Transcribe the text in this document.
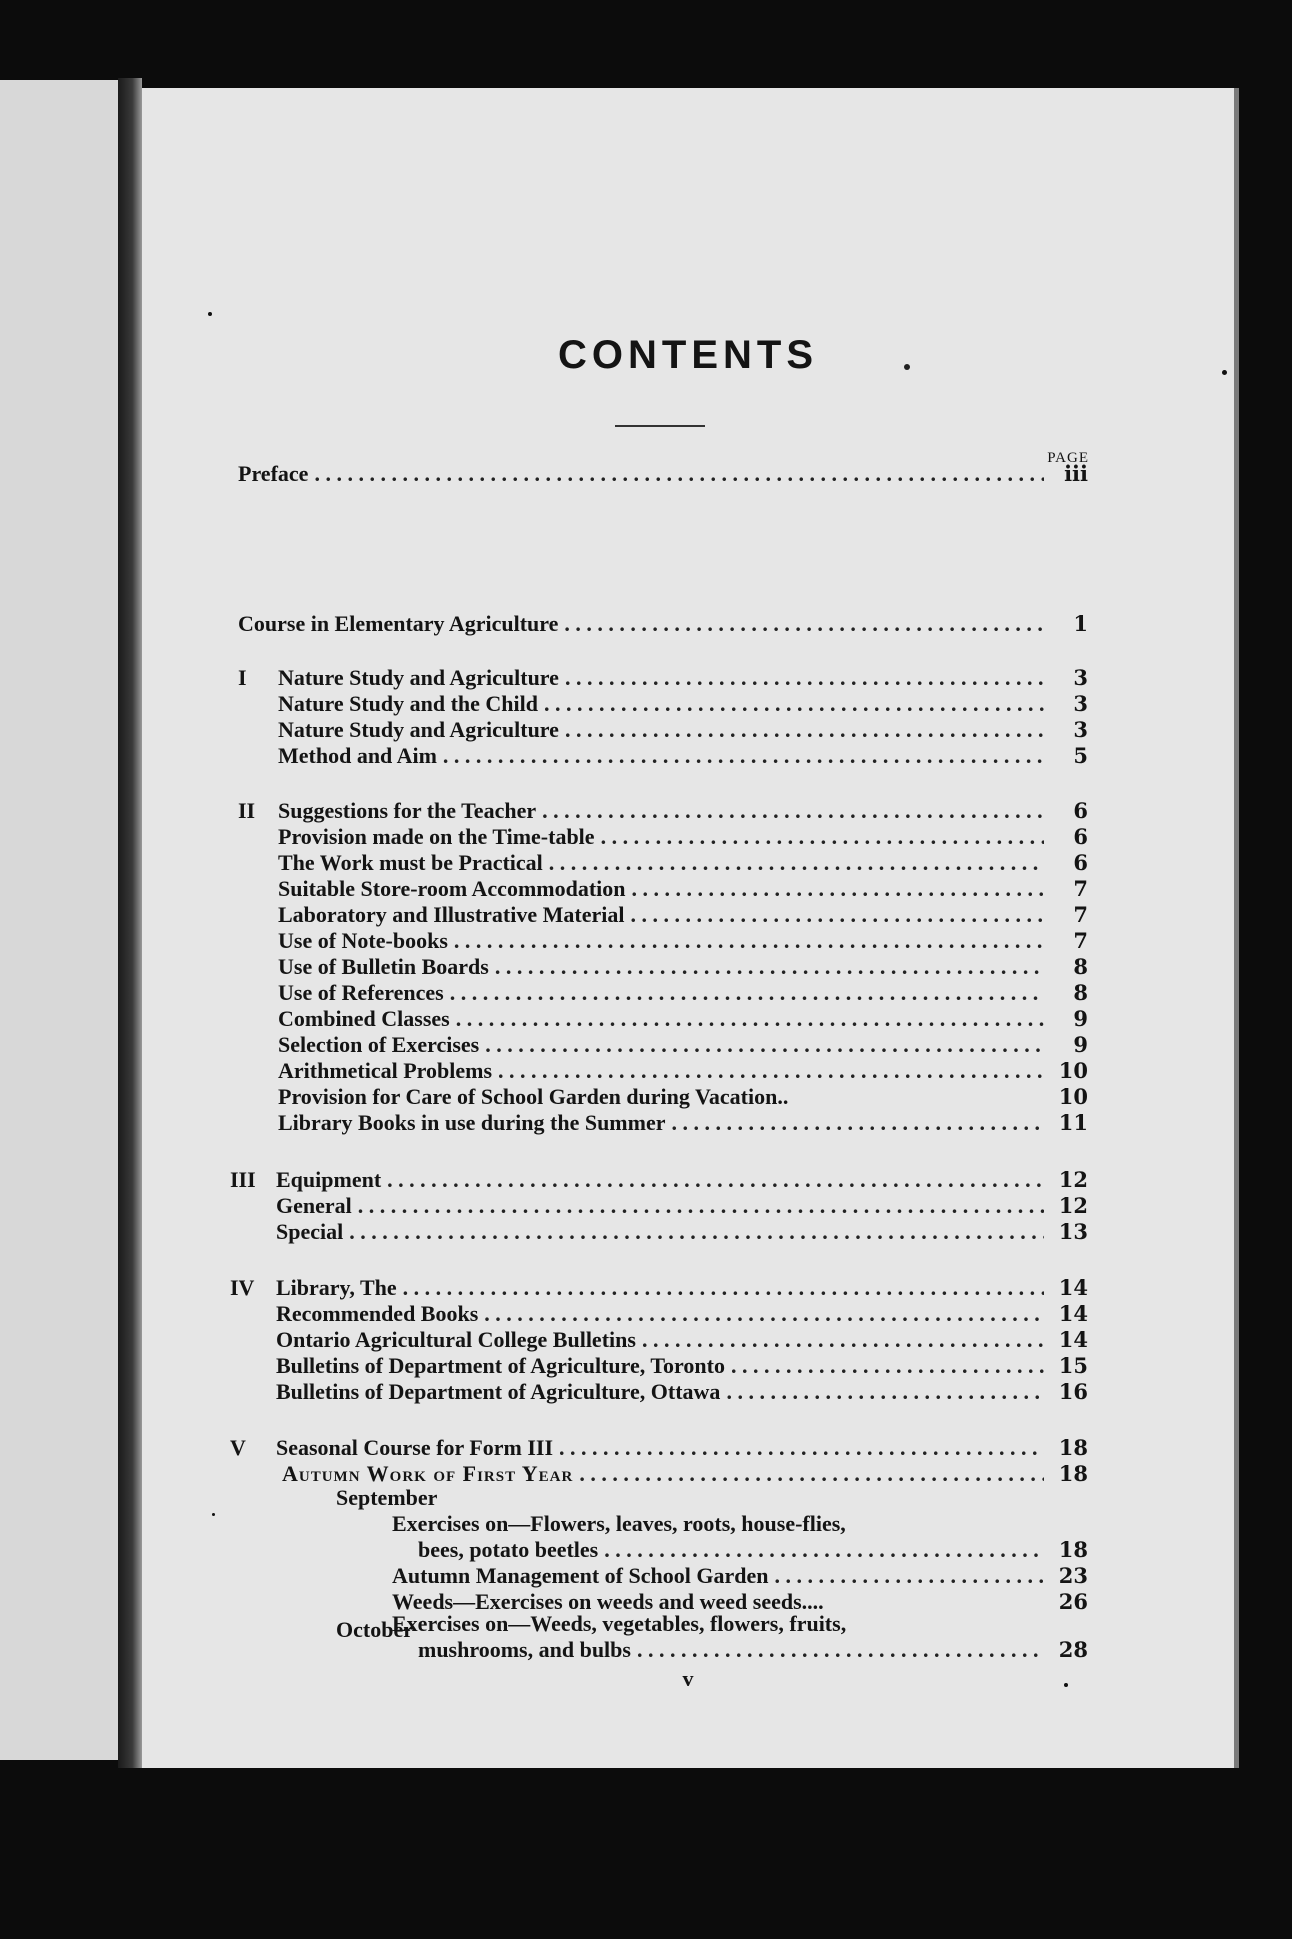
CONTENTS
PAGE
Preface . . .	iii
Course in Elementary Agriculture . . .	1
I	Nature Study and Agriculture . . .	3
Nature Study and the Child . . .	3
Nature Study and Agriculture . . .	3
Method and Aim . . .	5
II	Suggestions for the Teacher . . .	6
Provision made on the Time-table . . .	6
The Work must be Practical . . .	6
Suitable Store-room Accommodation . . .	7
Laboratory and Illustrative Material . . .	7
Use of Note-books . . .	7
Use of Bulletin Boards . . .	8
Use of References . . .	8
Combined Classes . . .	9
Selection of Exercises . . .	9
Arithmetical Problems . . .	10
Provision for Care of School Garden during Vacation..	10
Library Books in use during the Summer . . .	11
III Equipment . . .	12
General . . .	12
Special . . .	13
IV Library, The . . .	14
Recommended Books . . .	14
Ontario Agricultural College Bulletins . . .	14
Bulletins of Department of Agriculture, Toronto . . .	15
Bulletins of Department of Agriculture, Ottawa . . .	16
V	Seasonal Course for Form III . . .	18
Autumn Work of First Year . . .	18
September
Exercises on—Flowers, leaves, roots, house-flies,
bees, potato beetles . . .	18
Autumn Management of School Garden . . .	23
Weeds—Exercises on weeds and weed seeds....	26
October
Exercises on—Weeds, vegetables, flowers, fruits,
mushrooms, and bulbs . . .	28
v
